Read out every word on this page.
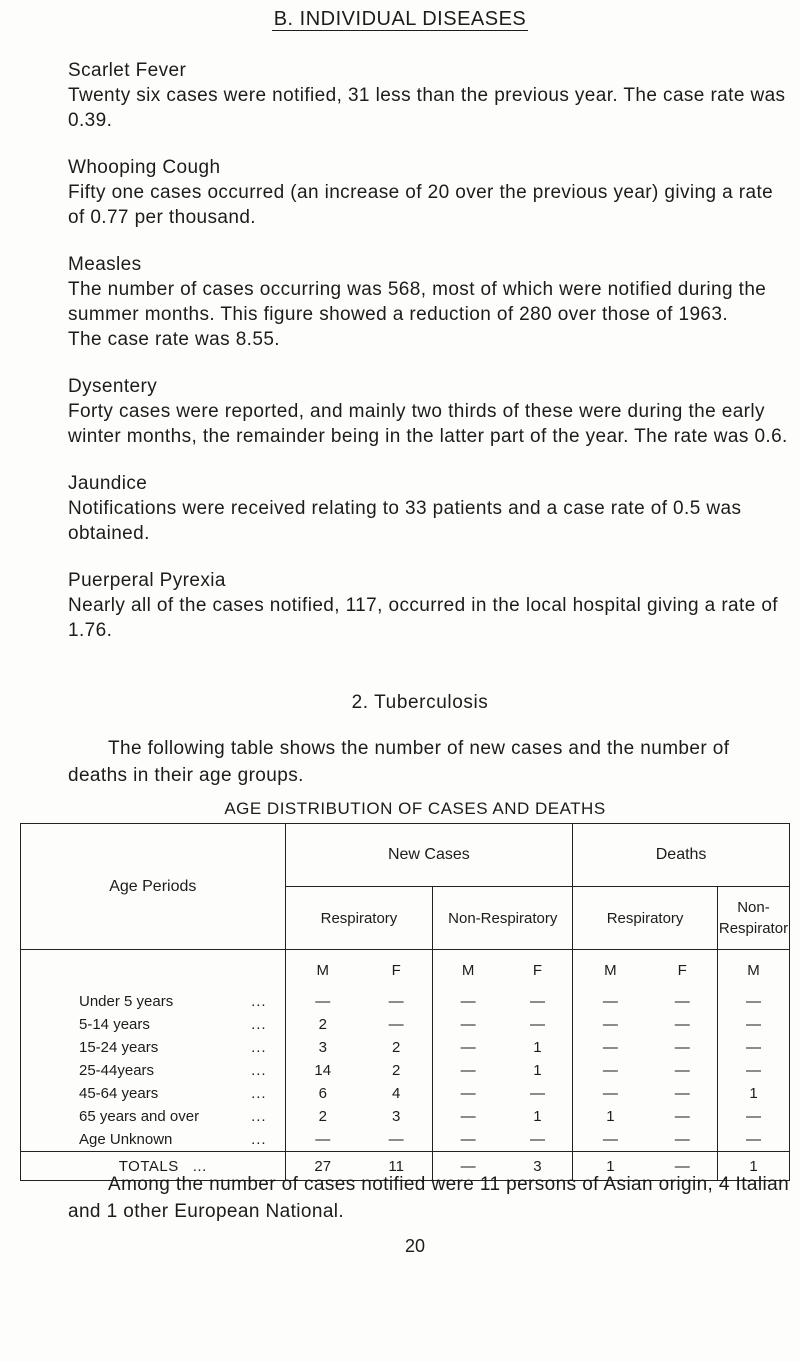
B. INDIVIDUAL DISEASES

Scarlet Fever

Twenty six cases were notified, 31 less than the previous year. The case rate was 0.39.

Whooping Cough

Fifty one cases occurred (an increase of 20 over the previous year) giving a rate of 0.77 per thousand.

Measles

The number of cases occurring was 568, most of which were notified during the summer months. This figure showed a reduction of 280 over those of 1963.

The case rate was 8.55.

Dysentery

Forty cases were reported, and mainly two thirds of these were during the early winter months, the remainder being in the latter part of the year. The rate was 0.6.

Jaundice

Notifications were received relating to 33 patients and a case rate of 0.5 was obtained.

Puerperal Pyrexia

Nearly all of the cases notified, 117, occurred in the local hospital giving a rate of 1.76.

2. Tuberculosis

The following table shows the number of new cases and the number of deaths in their age groups.

AGE DISTRIBUTION OF CASES AND DEATHS
Age Periods	New Cases				Deaths		
	Respiratory		Non-Respiratory		Respiratory		Non-Respirator
	M	F	M	F	M	F	M
Under 5 years ...	—	—	—	—	—	—	—
5-14 years ...	2	—	—	—	—	—	—
15-24 years ...	3	2	—	1	—	—	—
25-44years ...	14	2	—	1	—	—	—
45-64 years ...	6	4	—	—	—	—	1
65 years and over ...	2	3	—	1	1	—	—
Age Unknown ...	—	—	—	—	—	—	—
TOTALS ...	27	11	—	3	1	—	1

Among the number of cases notified were 11 persons of Asian origin, 4 Italian and 1 other European National.

20
